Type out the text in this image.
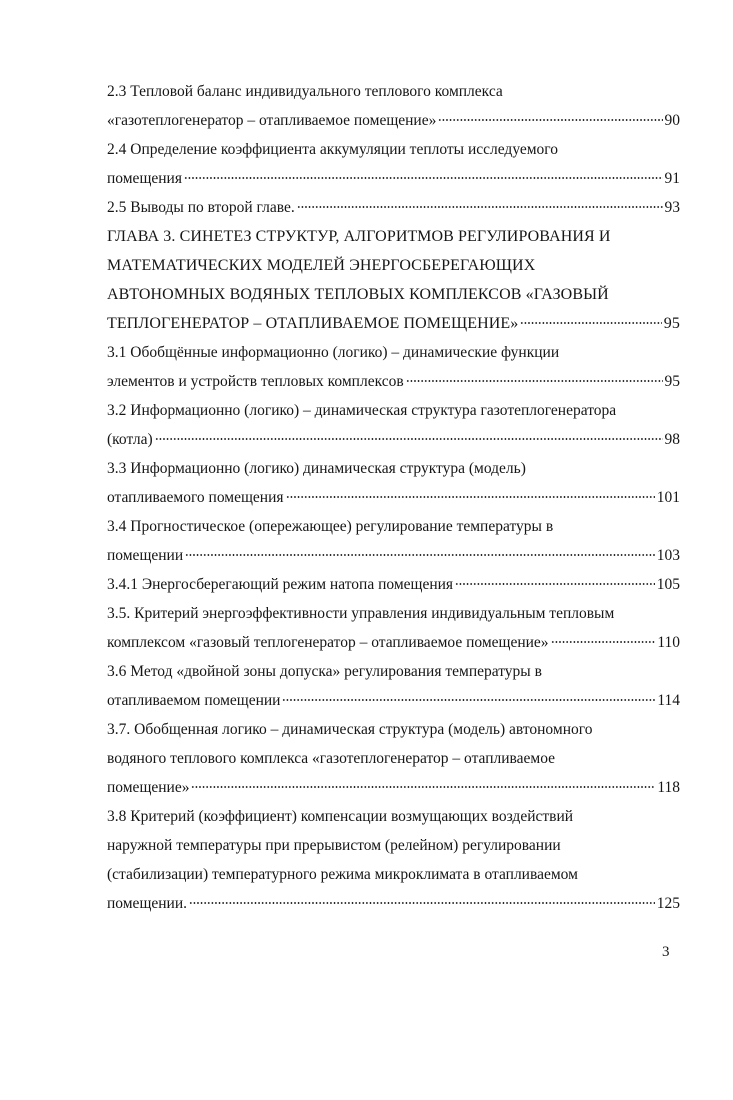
2.3 Тепловой баланс индивидуального теплового комплекса
«газотеплогенератор – отапливаемое помещение»	90
2.4 Определение коэффициента аккумуляции теплоты исследуемого
помещения	91
2.5 Выводы по второй главе.	93
ГЛАВА 3. СИНЕТЕЗ СТРУКТУР, АЛГОРИТМОВ РЕГУЛИРОВАНИЯ И
МАТЕМАТИЧЕСКИХ МОДЕЛЕЙ ЭНЕРГОСБЕРЕГАЮЩИХ
АВТОНОМНЫХ ВОДЯНЫХ ТЕПЛОВЫХ КОМПЛЕКСОВ «ГАЗОВЫЙ
ТЕПЛОГЕНЕРАТОР – ОТАПЛИВАЕМОЕ ПОМЕЩЕНИЕ»	95
3.1 Обобщённые информационно (логико) – динамические функции
элементов и устройств тепловых комплексов	95
3.2 Информационно (логико) – динамическая структура газотеплогенератора
(котла)	98
3.3 Информационно (логико) динамическая структура (модель)
отапливаемого помещения	101
3.4 Прогностическое (опережающее) регулирование температуры в
помещении	103
3.4.1 Энергосберегающий режим натопа помещения	105
3.5. Критерий энергоэффективности управления индивидуальным тепловым
комплексом «газовый теплогенератор – отапливаемое помещение»	110
3.6 Метод «двойной зоны допуска» регулирования температуры в
отапливаемом помещении	114
3.7. Обобщенная логико – динамическая структура (модель) автономного
водяного теплового комплекса «газотеплогенератор – отапливаемое
помещение»	118
3.8 Критерий (коэффициент) компенсации возмущающих воздействий
наружной температуры при прерывистом (релейном) регулировании
(стабилизации) температурного режима микроклимата в отапливаемом
помещении.	125
3
